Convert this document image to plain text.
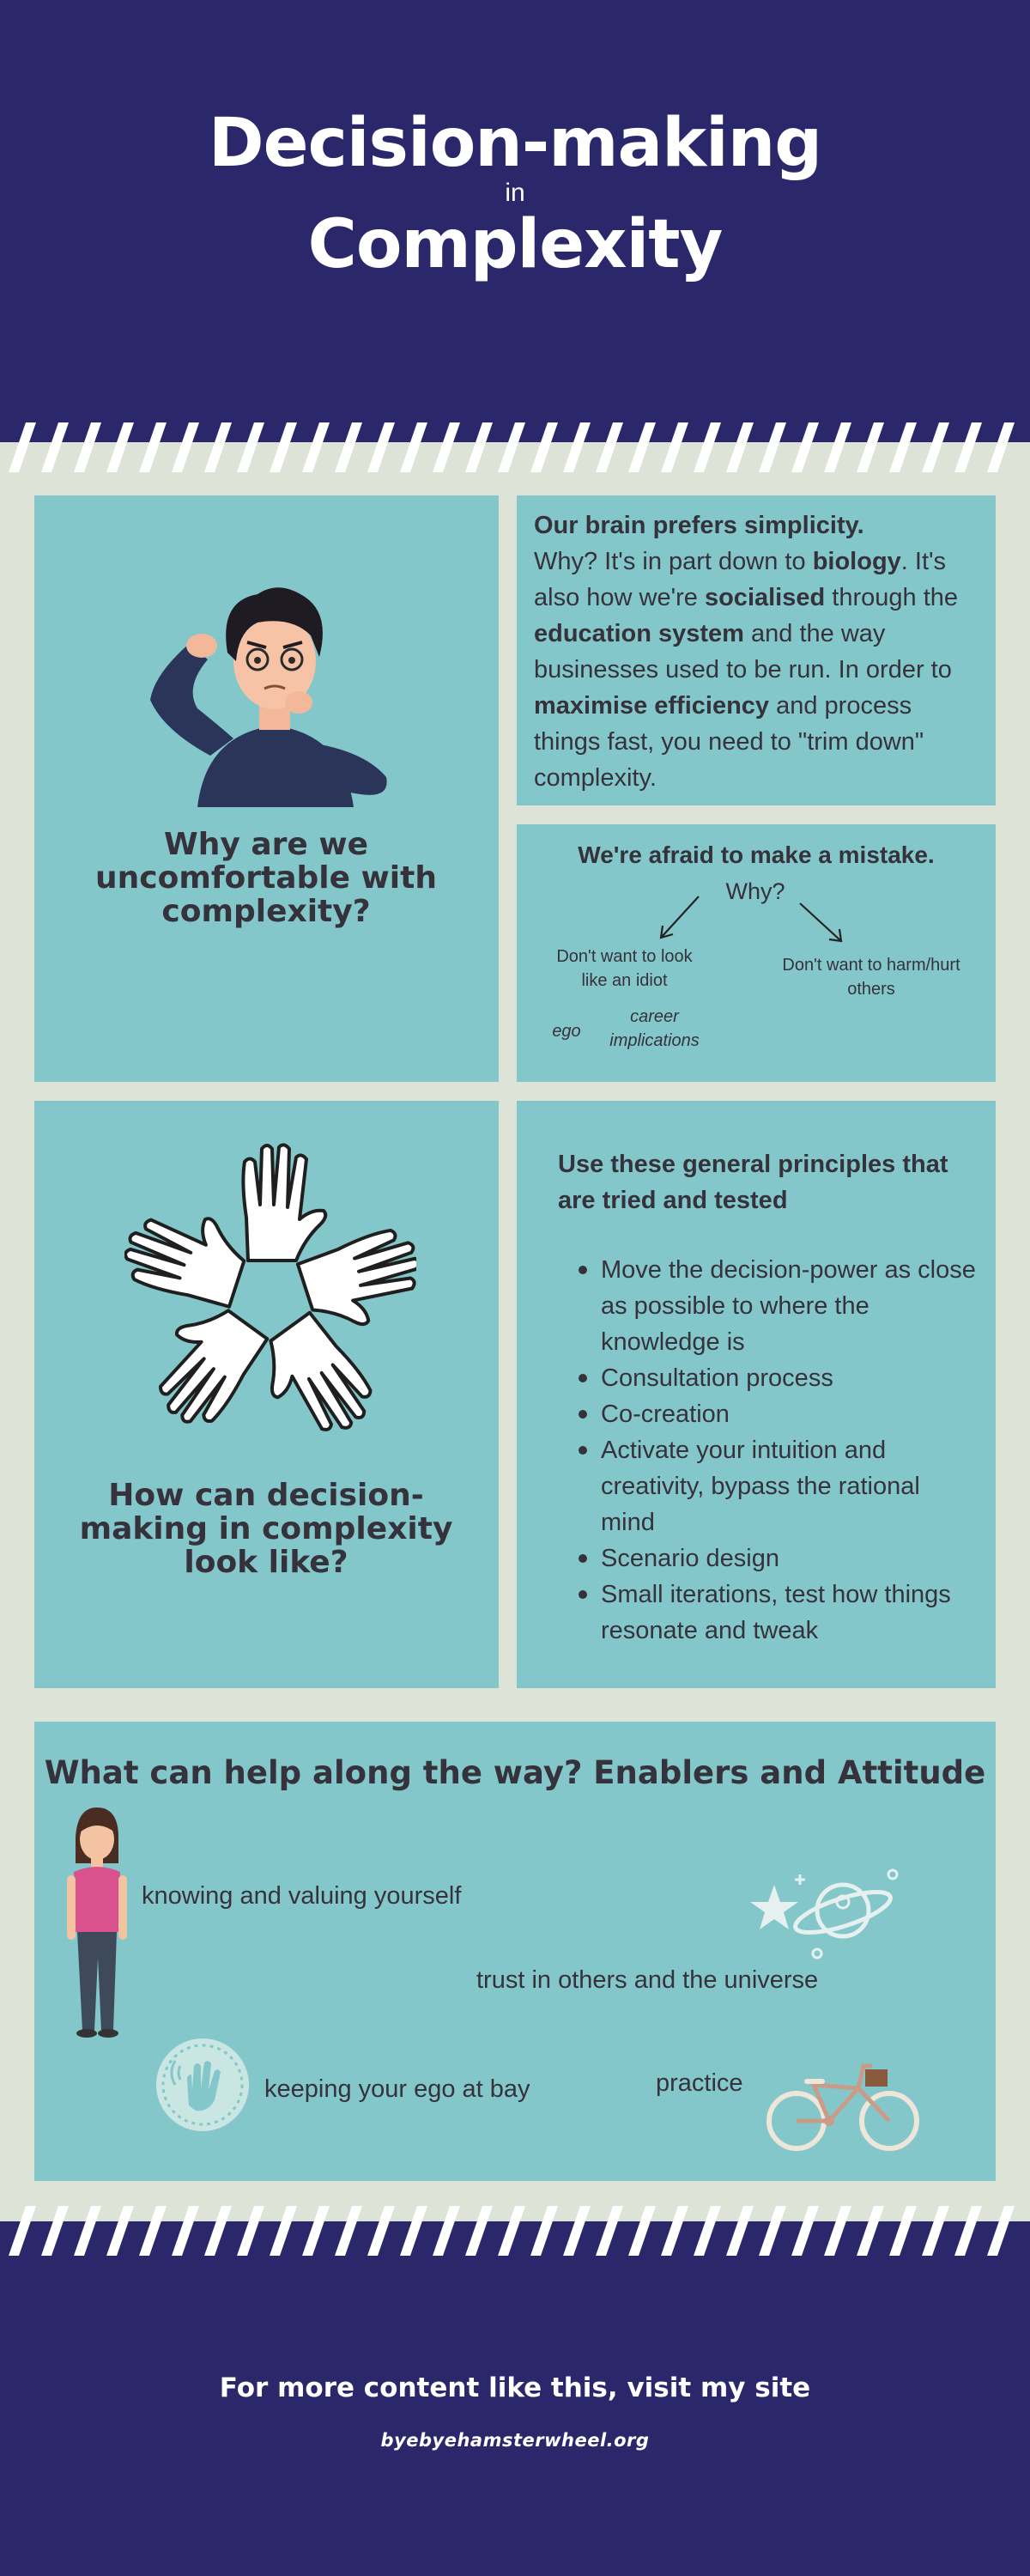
Decision-making
in
Complexity
Why are we uncomfortable with complexity?
Our brain prefers simplicity.
Why? It's in part down to biology. It's also how we're socialised through the education system and the way businesses used to be run. In order to maximise efficiency and process things fast, you need to "trim down" complexity.
We're afraid to make a mistake.
Why?
Don't want to look like an idiot
Don't want to harm/hurt others
ego
career implications
How can decision-making in complexity look like?
Use these general principles that are tried and tested
Move the decision-power as close as possible to where the knowledge is
Consultation process
Co-creation
Activate your intuition and creativity, bypass the rational mind
Scenario design
Small iterations, test how things resonate and tweak
What can help along the way? Enablers and Attitude
knowing and valuing yourself
trust in others and the universe
keeping your ego at bay	practice
For more content like this, visit my site
byebyehamsterwheel.org
